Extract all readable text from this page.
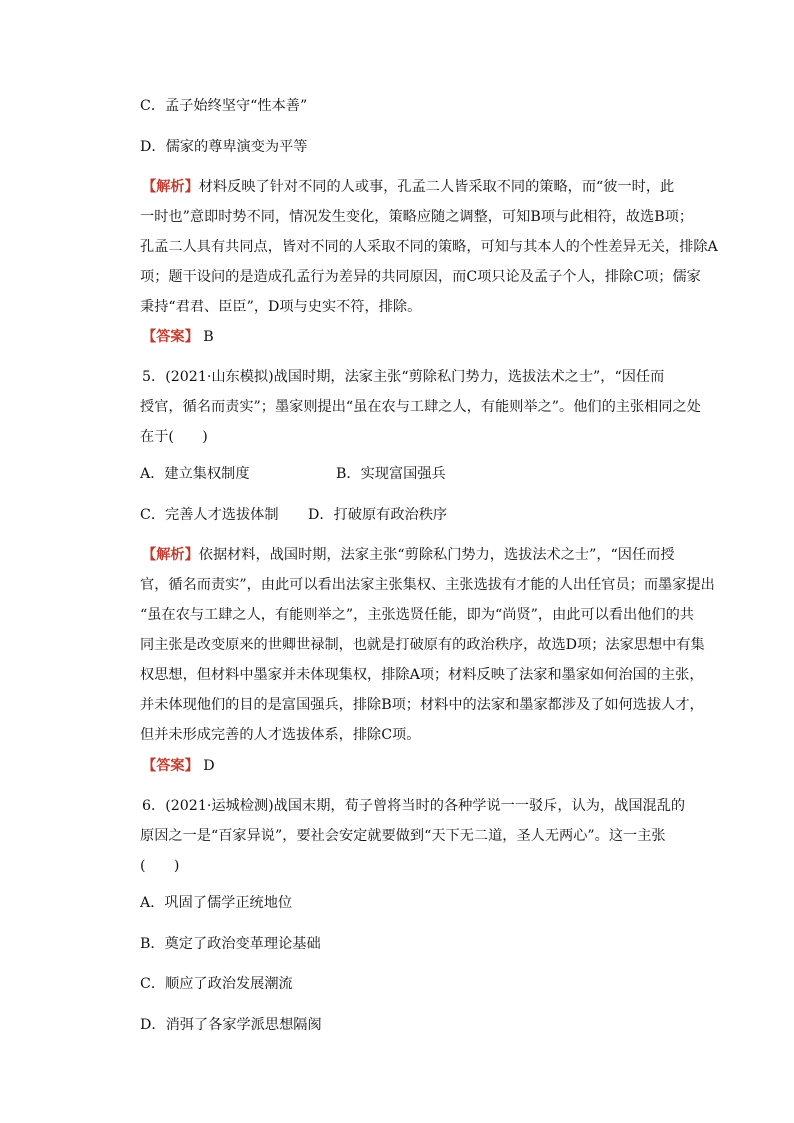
C．孟子始终坚守“性本善”
D．儒家的尊卑演变为平等
【解析】材料反映了针对不同的人或事，孔孟二人皆采取不同的策略，而“彼一时，此
一时也”意即时势不同，情况发生变化，策略应随之调整，可知B项与此相符，故选B项；
孔孟二人具有共同点，皆对不同的人采取不同的策略，可知与其本人的个性差异无关，排除A
项；题干设问的是造成孔孟行为差异的共同原因，而C项只论及孟子个人，排除C项；儒家
秉持“君君、臣臣”，D项与史实不符，排除。
【答案】 B
5．(2021·山东模拟)战国时期，法家主张“剪除私门势力，选拔法术之士”，“因任而
授官，循名而责实”；墨家则提出“虽在农与工肆之人，有能则举之”。他们的主张相同之处
在于(　　)
A．建立集权制度	B．实现富国强兵
C．完善人才选拔体制 D．打破原有政治秩序
【解析】依据材料，战国时期，法家主张“剪除私门势力，选拔法术之士”，“因任而授
官，循名而责实”，由此可以看出法家主张集权、主张选拔有才能的人出任官员；而墨家提出
“虽在农与工肆之人，有能则举之”，主张选贤任能，即为“尚贤”，由此可以看出他们的共
同主张是改变原来的世卿世禄制，也就是打破原有的政治秩序，故选D项；法家思想中有集
权思想，但材料中墨家并未体现集权，排除A项；材料反映了法家和墨家如何治国的主张，
并未体现他们的目的是富国强兵，排除B项；材料中的法家和墨家都涉及了如何选拔人才，
但并未形成完善的人才选拔体系，排除C项。
【答案】 D
6．(2021·运城检测)战国末期，荀子曾将当时的各种学说一一驳斥，认为，战国混乱的
原因之一是“百家异说”，要社会安定就要做到“天下无二道，圣人无两心”。这一主张
(　　)
A．巩固了儒学正统地位
B．奠定了政治变革理论基础
C．顺应了政治发展潮流
D．消弭了各家学派思想隔阂
